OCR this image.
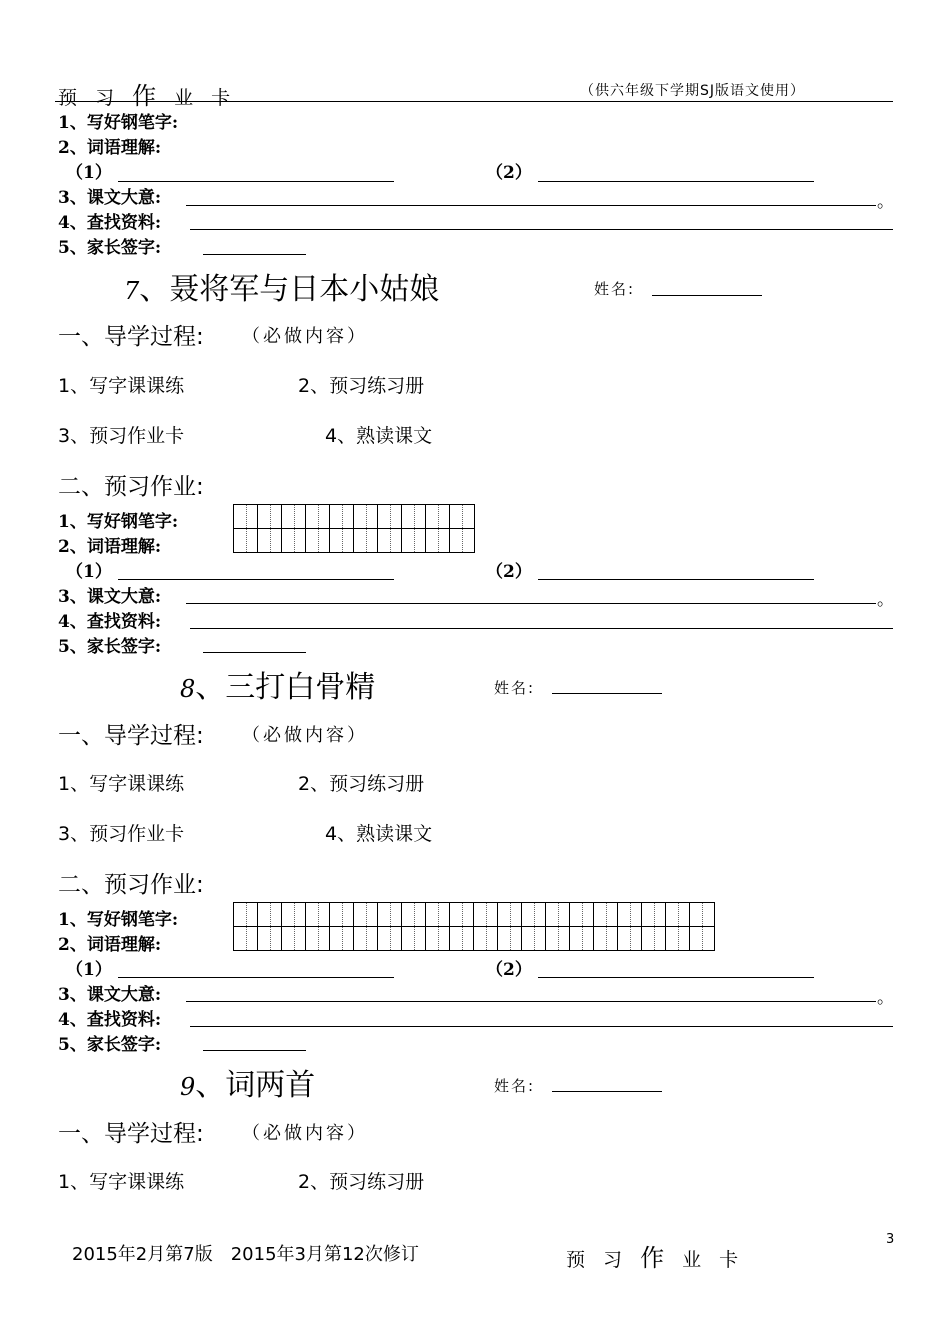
预 习 作 业 卡	（供六年级下学期SJ版语文使用）
1、写好钢笔字:
2、词语理解:
（1）	（2）
3、课文大意:	。
4、查找资料:
5、家长签字:
7、聂将军与日本小姑娘	姓名:
一、导学过程: （必做内容）
1、写字课课练	2、预习练习册
3、预习作业卡	4、熟读课文
二、预习作业:
1、写好钢笔字:
2、词语理解:
（1）	（2）
3、课文大意:	。
4、查找资料:
5、家长签字:
8、三打白骨精	姓名:
一、导学过程: （必做内容）
1、写字课课练	2、预习练习册
3、预习作业卡	4、熟读课文
二、预习作业:
1、写好钢笔字:
2、词语理解:
（1）	（2）
3、课文大意:	。
4、查找资料:
5、家长签字:
9、词两首	姓名:
一、导学过程: （必做内容）
1、写字课课练	2、预习练习册
2015年2月第7版　2015年3月第12次修订	预 习 作 业 卡
3
